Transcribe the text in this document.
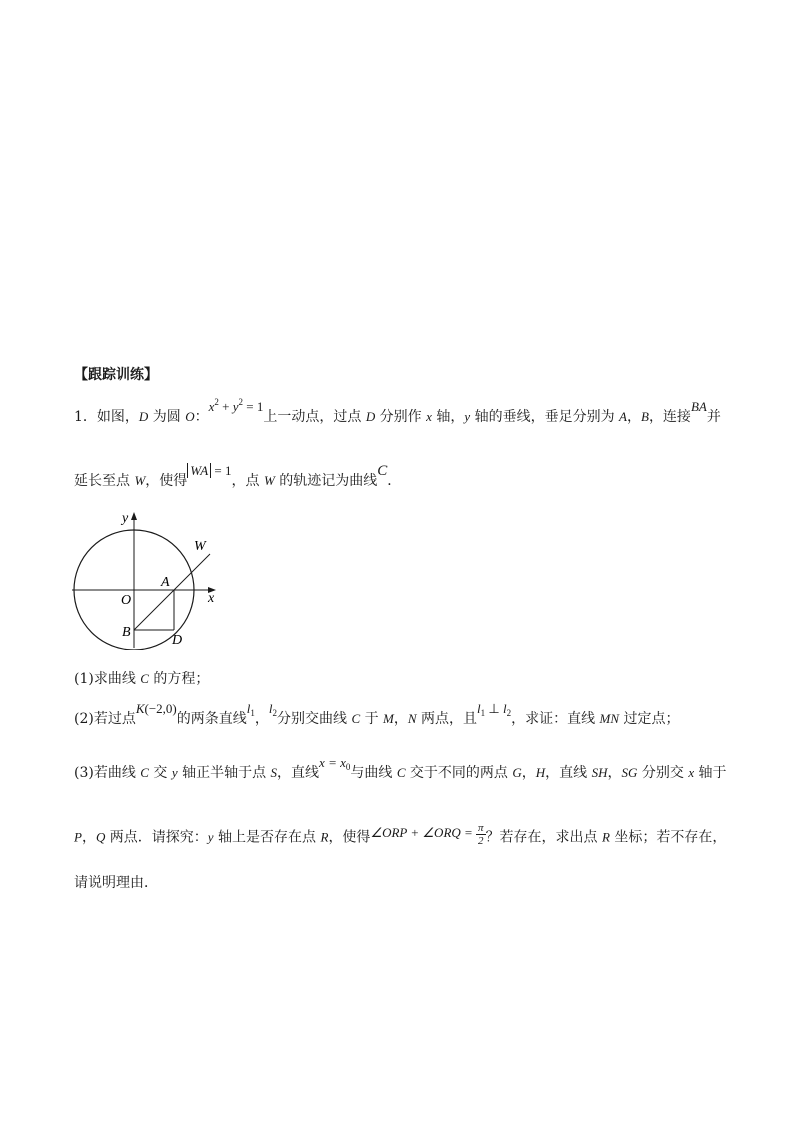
【跟踪训练】
1．如图，D 为圆 O：$x^2 + y^2 = 1$上一动点，过点 D 分别作 x 轴，y 轴的垂线，垂足分别为 A，B，连接BA并
延长至点 W，使得WA = 1，点 W 的轨迹记为曲线C．
y
x
O
A
B
D
W
(1)求曲线 C 的方程；
(2)若过点K(−2,0)的两条直线$l_1$，$l_2$分别交曲线 C 于 M，N 两点，且$l_1$ ⊥ $l_2$，求证：直线 MN 过定点；
(3)若曲线 C 交 y 轴正半轴于点 S，直线$x = x_0$与曲线 C 交于不同的两点 G，H，直线 SH，SG 分别交 x 轴于
P，Q 两点．请探究：y 轴上是否存在点 R，使得∠ORP + ∠ORQ = $\frac{\pi}{2}$ ？若存在，求出点 R 坐标；若不存在，
请说明理由．
